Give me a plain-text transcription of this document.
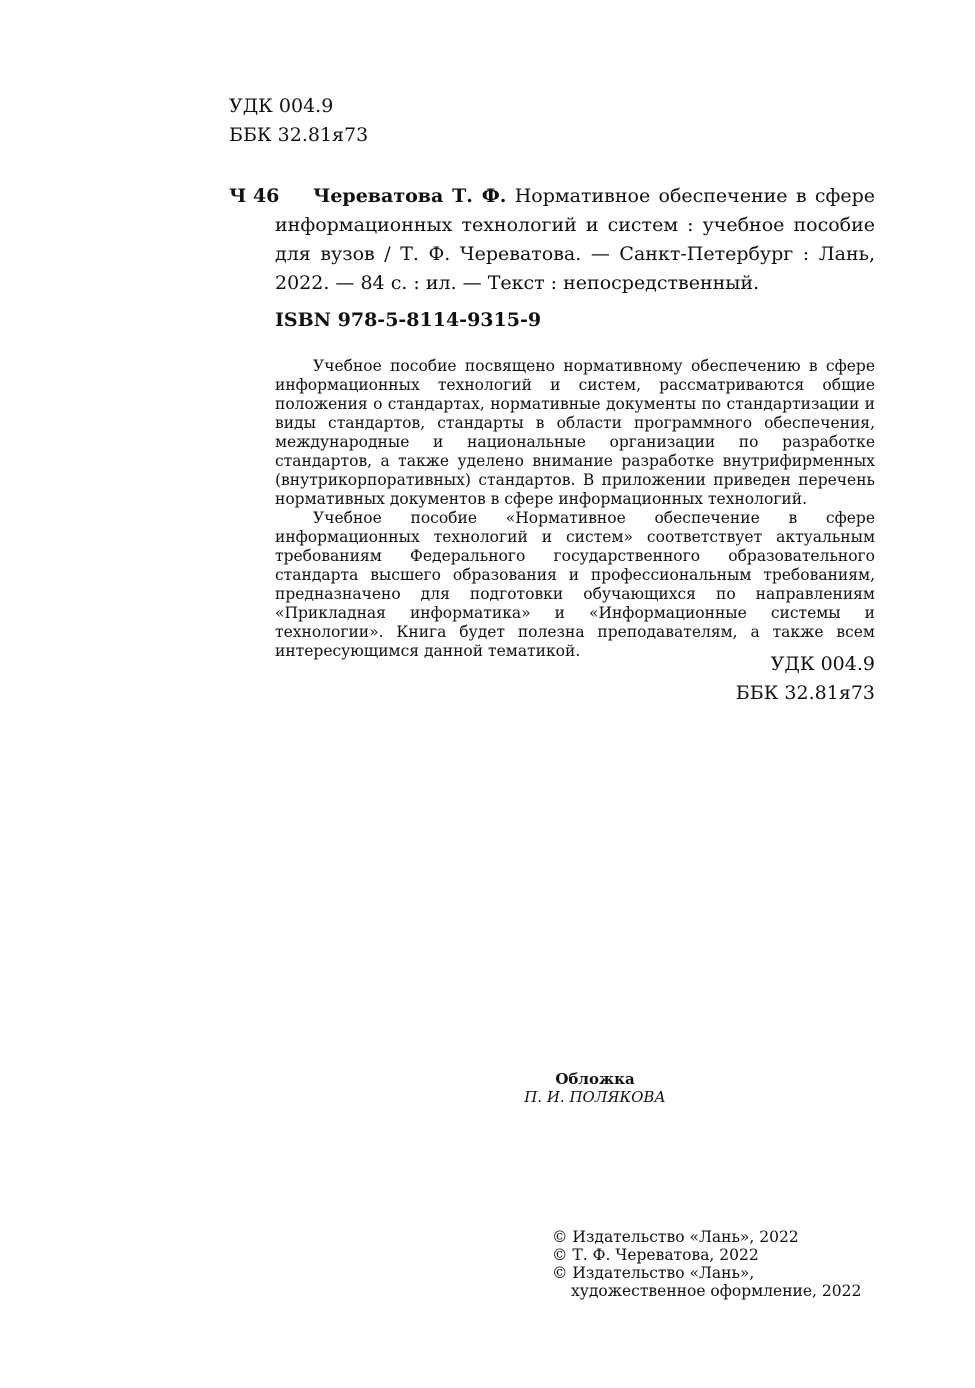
УДК 004.9
ББК 32.81я73
Ч 46	Череватова Т. Ф. Нормативное обеспечение в сфере информационных технологий и систем : учебное пособие для вузов / Т. Ф. Череватова. — Санкт-Петербург : Лань, 2022. — 84 с. : ил. — Текст : непосредственный.
ISBN 978-5-8114-9315-9

Учебное пособие посвящено нормативному обеспечению в сфере информационных технологий и систем, рассматриваются общие положения о стандартах, нормативные документы по стандартизации и виды стандартов, стандарты в области программного обеспечения, международные и национальные организации по разработке стандартов, а также уделено внимание разработке внутрифирменных (внутрикорпоративных) стандартов. В приложении приведен перечень нормативных документов в сфере информационных технологий.

Учебное пособие «Нормативное обеспечение в сфере информационных технологий и систем» соответствует актуальным требованиям Федерального государственного образовательного стандарта высшего образования и профессиональным требованиям, предназначено для подготовки обучающихся по направлениям «Прикладная информатика» и «Информационные системы и технологии». Книга будет полезна преподавателям, а также всем интересующимся данной тематикой.

УДК 004.9
ББК 32.81я73
Обложка
П. И. ПОЛЯКОВА
© Издательство «Лань», 2022
© Т. Ф. Череватова, 2022
© Издательство «Лань»,
художественное оформление, 2022
